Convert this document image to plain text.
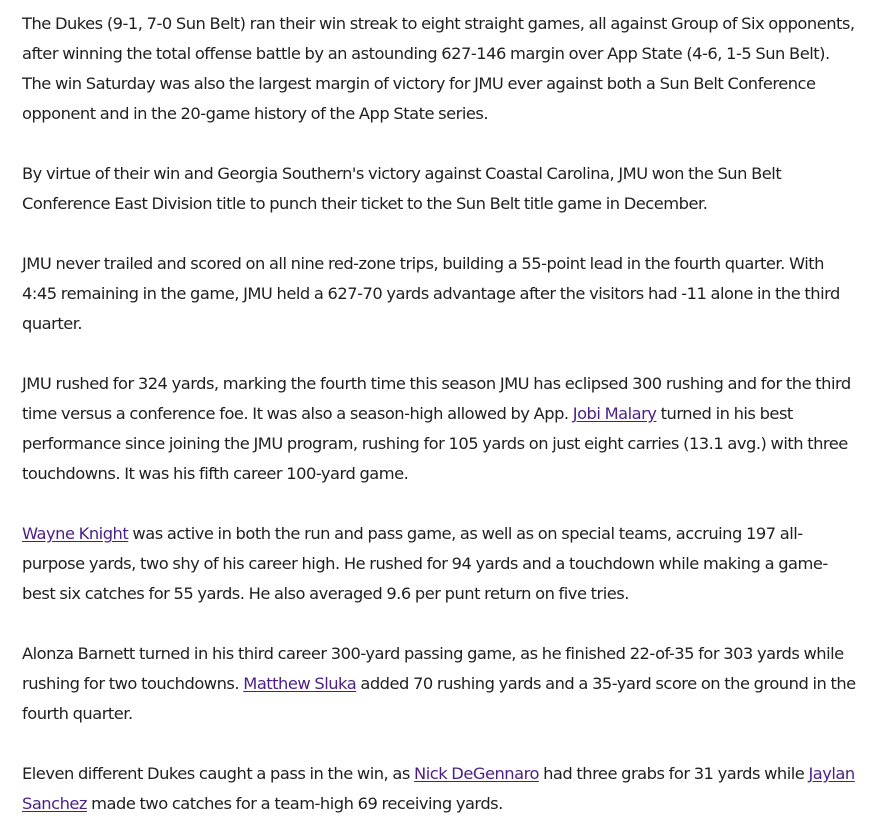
The Dukes (9-1, 7-0 Sun Belt) ran their win streak to eight straight games, all against Group of Six opponents, after winning the total offense battle by an astounding 627-146 margin over App State (4-6, 1-5 Sun Belt). The win Saturday was also the largest margin of victory for JMU ever against both a Sun Belt Conference opponent and in the 20-game history of the App State series.

By virtue of their win and Georgia Southern's victory against Coastal Carolina, JMU won the Sun Belt Conference East Division title to punch their ticket to the Sun Belt title game in December.

JMU never trailed and scored on all nine red-zone trips, building a 55-point lead in the fourth quarter. With 4:45 remaining in the game, JMU held a 627-70 yards advantage after the visitors had -11 alone in the third quarter.

JMU rushed for 324 yards, marking the fourth time this season JMU has eclipsed 300 rushing and for the third time versus a conference foe. It was also a season-high allowed by App. Jobi Malary turned in his best performance since joining the JMU program, rushing for 105 yards on just eight carries (13.1 avg.) with three touchdowns. It was his fifth career 100-yard game.

Wayne Knight was active in both the run and pass game, as well as on special teams, accruing 197 all-purpose yards, two shy of his career high. He rushed for 94 yards and a touchdown while making a game-best six catches for 55 yards. He also averaged 9.6 per punt return on five tries.

Alonza Barnett turned in his third career 300-yard passing game, as he finished 22-of-35 for 303 yards while rushing for two touchdowns. Matthew Sluka added 70 rushing yards and a 35-yard score on the ground in the fourth quarter.

Eleven different Dukes caught a pass in the win, as Nick DeGennaro had three grabs for 31 yards while Jaylan Sanchez made two catches for a team-high 69 receiving yards.
